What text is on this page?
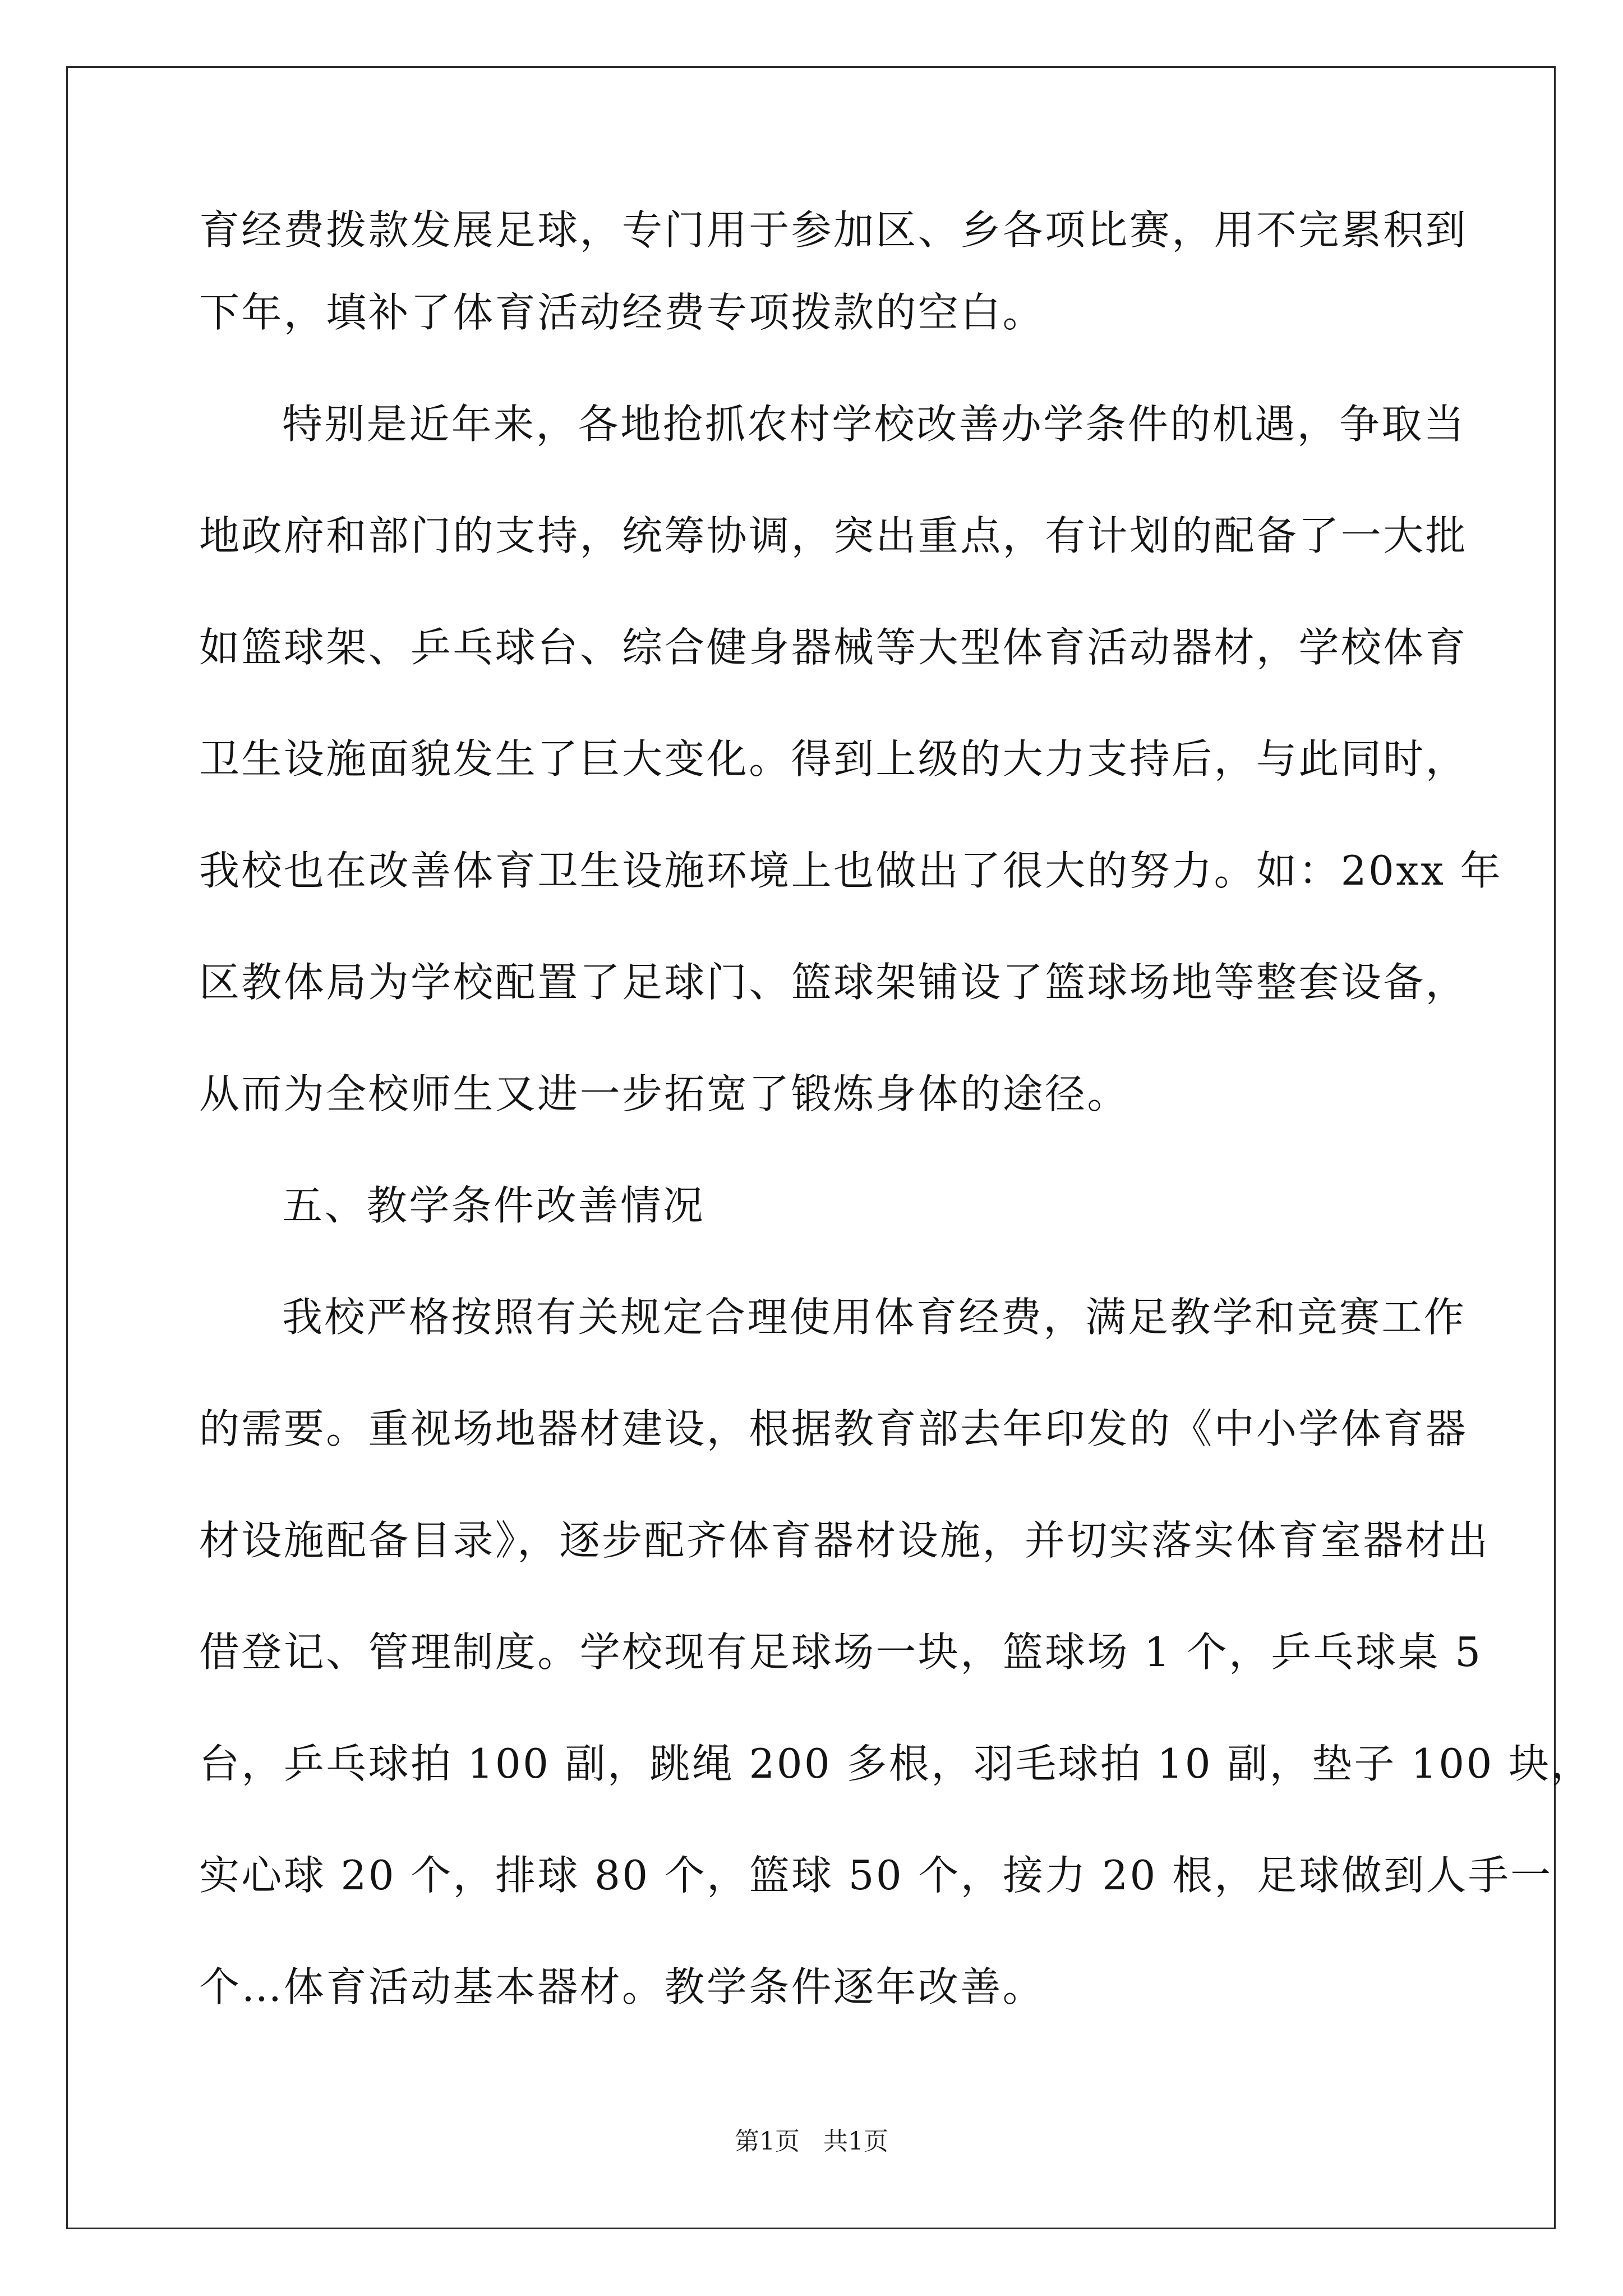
育经费拨款发展足球，专门用于参加区、乡各项比赛，用不完累积到
下年，填补了体育活动经费专项拨款的空白。
特别是近年来，各地抢抓农村学校改善办学条件的机遇，争取当
地政府和部门的支持，统筹协调，突出重点，有计划的配备了一大批
如篮球架、乒乓球台、综合健身器械等大型体育活动器材，学校体育
卫生设施面貌发生了巨大变化。得到上级的大力支持后，与此同时，
我校也在改善体育卫生设施环境上也做出了很大的努力。如：20xx 年
区教体局为学校配置了足球门、篮球架铺设了篮球场地等整套设备，
从而为全校师生又进一步拓宽了锻炼身体的途径。
五、教学条件改善情况
我校严格按照有关规定合理使用体育经费，满足教学和竞赛工作
的需要。重视场地器材建设，根据教育部去年印发的《中小学体育器
材设施配备目录》，逐步配齐体育器材设施，并切实落实体育室器材出
借登记、管理制度。学校现有足球场一块，篮球场 1 个，乒乓球桌 5
台，乒乓球拍 100 副，跳绳 200 多根，羽毛球拍 10 副，垫子 100 块，
实心球 20 个，排球 80 个，篮球 50 个，接力 20 根，足球做到人手一
个…体育活动基本器材。教学条件逐年改善。
第1页   共1页
